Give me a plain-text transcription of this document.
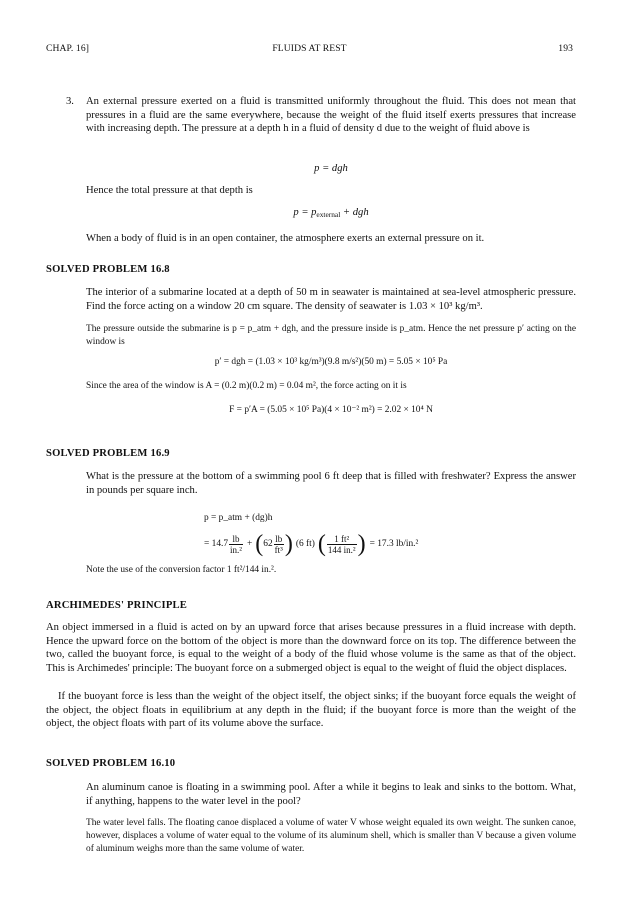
CHAP. 16]	FLUIDS AT REST	193
3. An external pressure exerted on a fluid is transmitted uniformly throughout the fluid. This does not mean that pressures in a fluid are the same everywhere, because the weight of the fluid itself exerts pressures that increase with increasing depth. The pressure at a depth h in a fluid of density d due to the weight of fluid above is

p = dgh

Hence the total pressure at that depth is

$p = p_{external}$ + dgh

When a body of fluid is in an open container, the atmosphere exerts an external pressure on it.

SOLVED PROBLEM 16.8

The interior of a submarine located at a depth of 50 m in seawater is maintained at sea-level atmospheric pressure. Find the force acting on a window 20 cm square. The density of seawater is 1.03 × 10³ kg/m³.

The pressure outside the submarine is p = p_atm + dgh, and the pressure inside is p_atm. Hence the net pressure p′ acting on the window is

p′ = dgh = (1.03 × 10³ kg/m³)(9.8 m/s²)(50 m) = 5.05 × 10⁵ Pa

Since the area of the window is A = (0.2 m)(0.2 m) = 0.04 m², the force acting on it is

F = p′A = (5.05 × 10⁵ Pa)(4 × 10⁻² m²) = 2.02 × 10⁴ N

SOLVED PROBLEM 16.9

What is the pressure at the bottom of a swimming pool 6 ft deep that is filled with freshwater? Express the answer in pounds per square inch.

p = p_atm + (dg)h
= $14.7 \frac{lb}{\text{in.²}}$ + ( $62 \frac{lb}{\text{ft³}}$ ) (6 ft) ( $\frac{\text{1 ft²}}{\text{144 in.²}}$ ) = 17.3 lb/in.²

Note the use of the conversion factor 1 ft²/144 in.².

ARCHIMEDES' PRINCIPLE

An object immersed in a fluid is acted on by an upward force that arises because pressures in a fluid increase with depth. Hence the upward force on the bottom of the object is more than the downward force on its top. The difference between the two, called the buoyant force, is equal to the weight of a body of the fluid whose volume is the same as that of the object. This is Archimedes' principle: The buoyant force on a submerged object is equal to the weight of fluid the object displaces.

If the buoyant force is less than the weight of the object itself, the object sinks; if the buoyant force equals the weight of the object, the object floats in equilibrium at any depth in the fluid; if the buoyant force is more than the weight of the object, the object floats with part of its volume above the surface.

SOLVED PROBLEM 16.10

An aluminum canoe is floating in a swimming pool. After a while it begins to leak and sinks to the bottom. What, if anything, happens to the water level in the pool?

The water level falls. The floating canoe displaced a volume of water V whose weight equaled its own weight. The sunken canoe, however, displaces a volume of water equal to the volume of its aluminum shell, which is smaller than V because a given volume of aluminum weighs more than the same volume of water.
